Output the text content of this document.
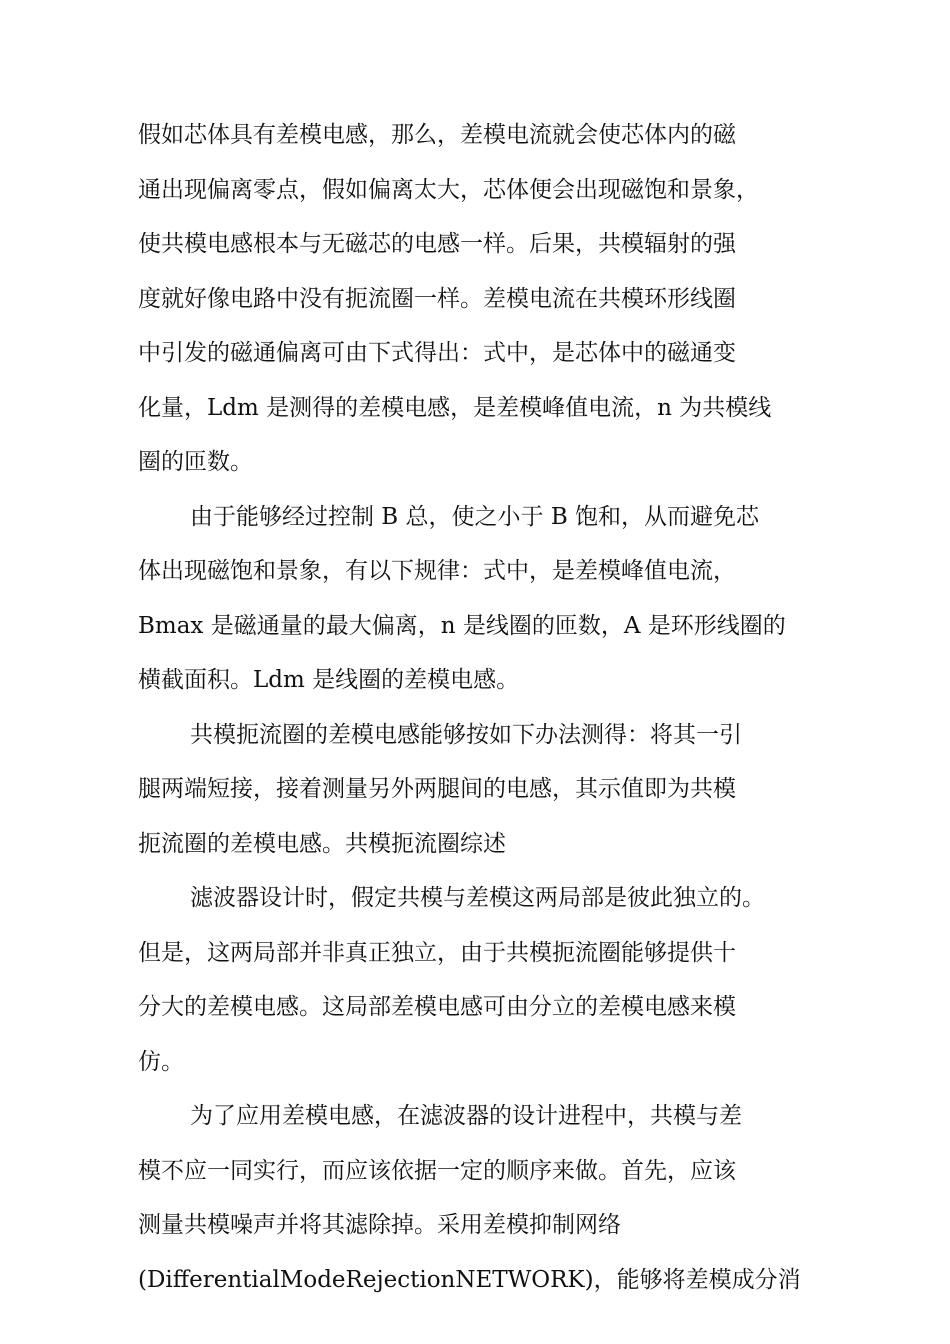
假如芯体具有差模电感，那么，差模电流就会使芯体内的磁
通出现偏离零点，假如偏离太大，芯体便会出现磁饱和景象，
使共模电感根本与无磁芯的电感一样。后果，共模辐射的强
度就好像电路中没有扼流圈一样。差模电流在共模环形线圈
中引发的磁通偏离可由下式得出：式中，是芯体中的磁通变
化量，Ldm 是测得的差模电感，是差模峰值电流，n 为共模线
圈的匝数。
由于能够经过控制 B 总，使之小于 B 饱和，从而避免芯
体出现磁饱和景象，有以下规律：式中，是差模峰值电流，
Bmax 是磁通量的最大偏离，n 是线圈的匝数，A 是环形线圈的
横截面积。Ldm 是线圈的差模电感。
共模扼流圈的差模电感能够按如下办法测得：将其一引
腿两端短接，接着测量另外两腿间的电感，其示值即为共模
扼流圈的差模电感。共模扼流圈综述
滤波器设计时，假定共模与差模这两局部是彼此独立的。
但是，这两局部并非真正独立，由于共模扼流圈能够提供十
分大的差模电感。这局部差模电感可由分立的差模电感来模
仿。
为了应用差模电感，在滤波器的设计进程中，共模与差
模不应一同实行，而应该依据一定的顺序来做。首先，应该
测量共模噪声并将其滤除掉。采用差模抑制网络
(DifferentialModeRejectionNETWORK)，能够将差模成分消
